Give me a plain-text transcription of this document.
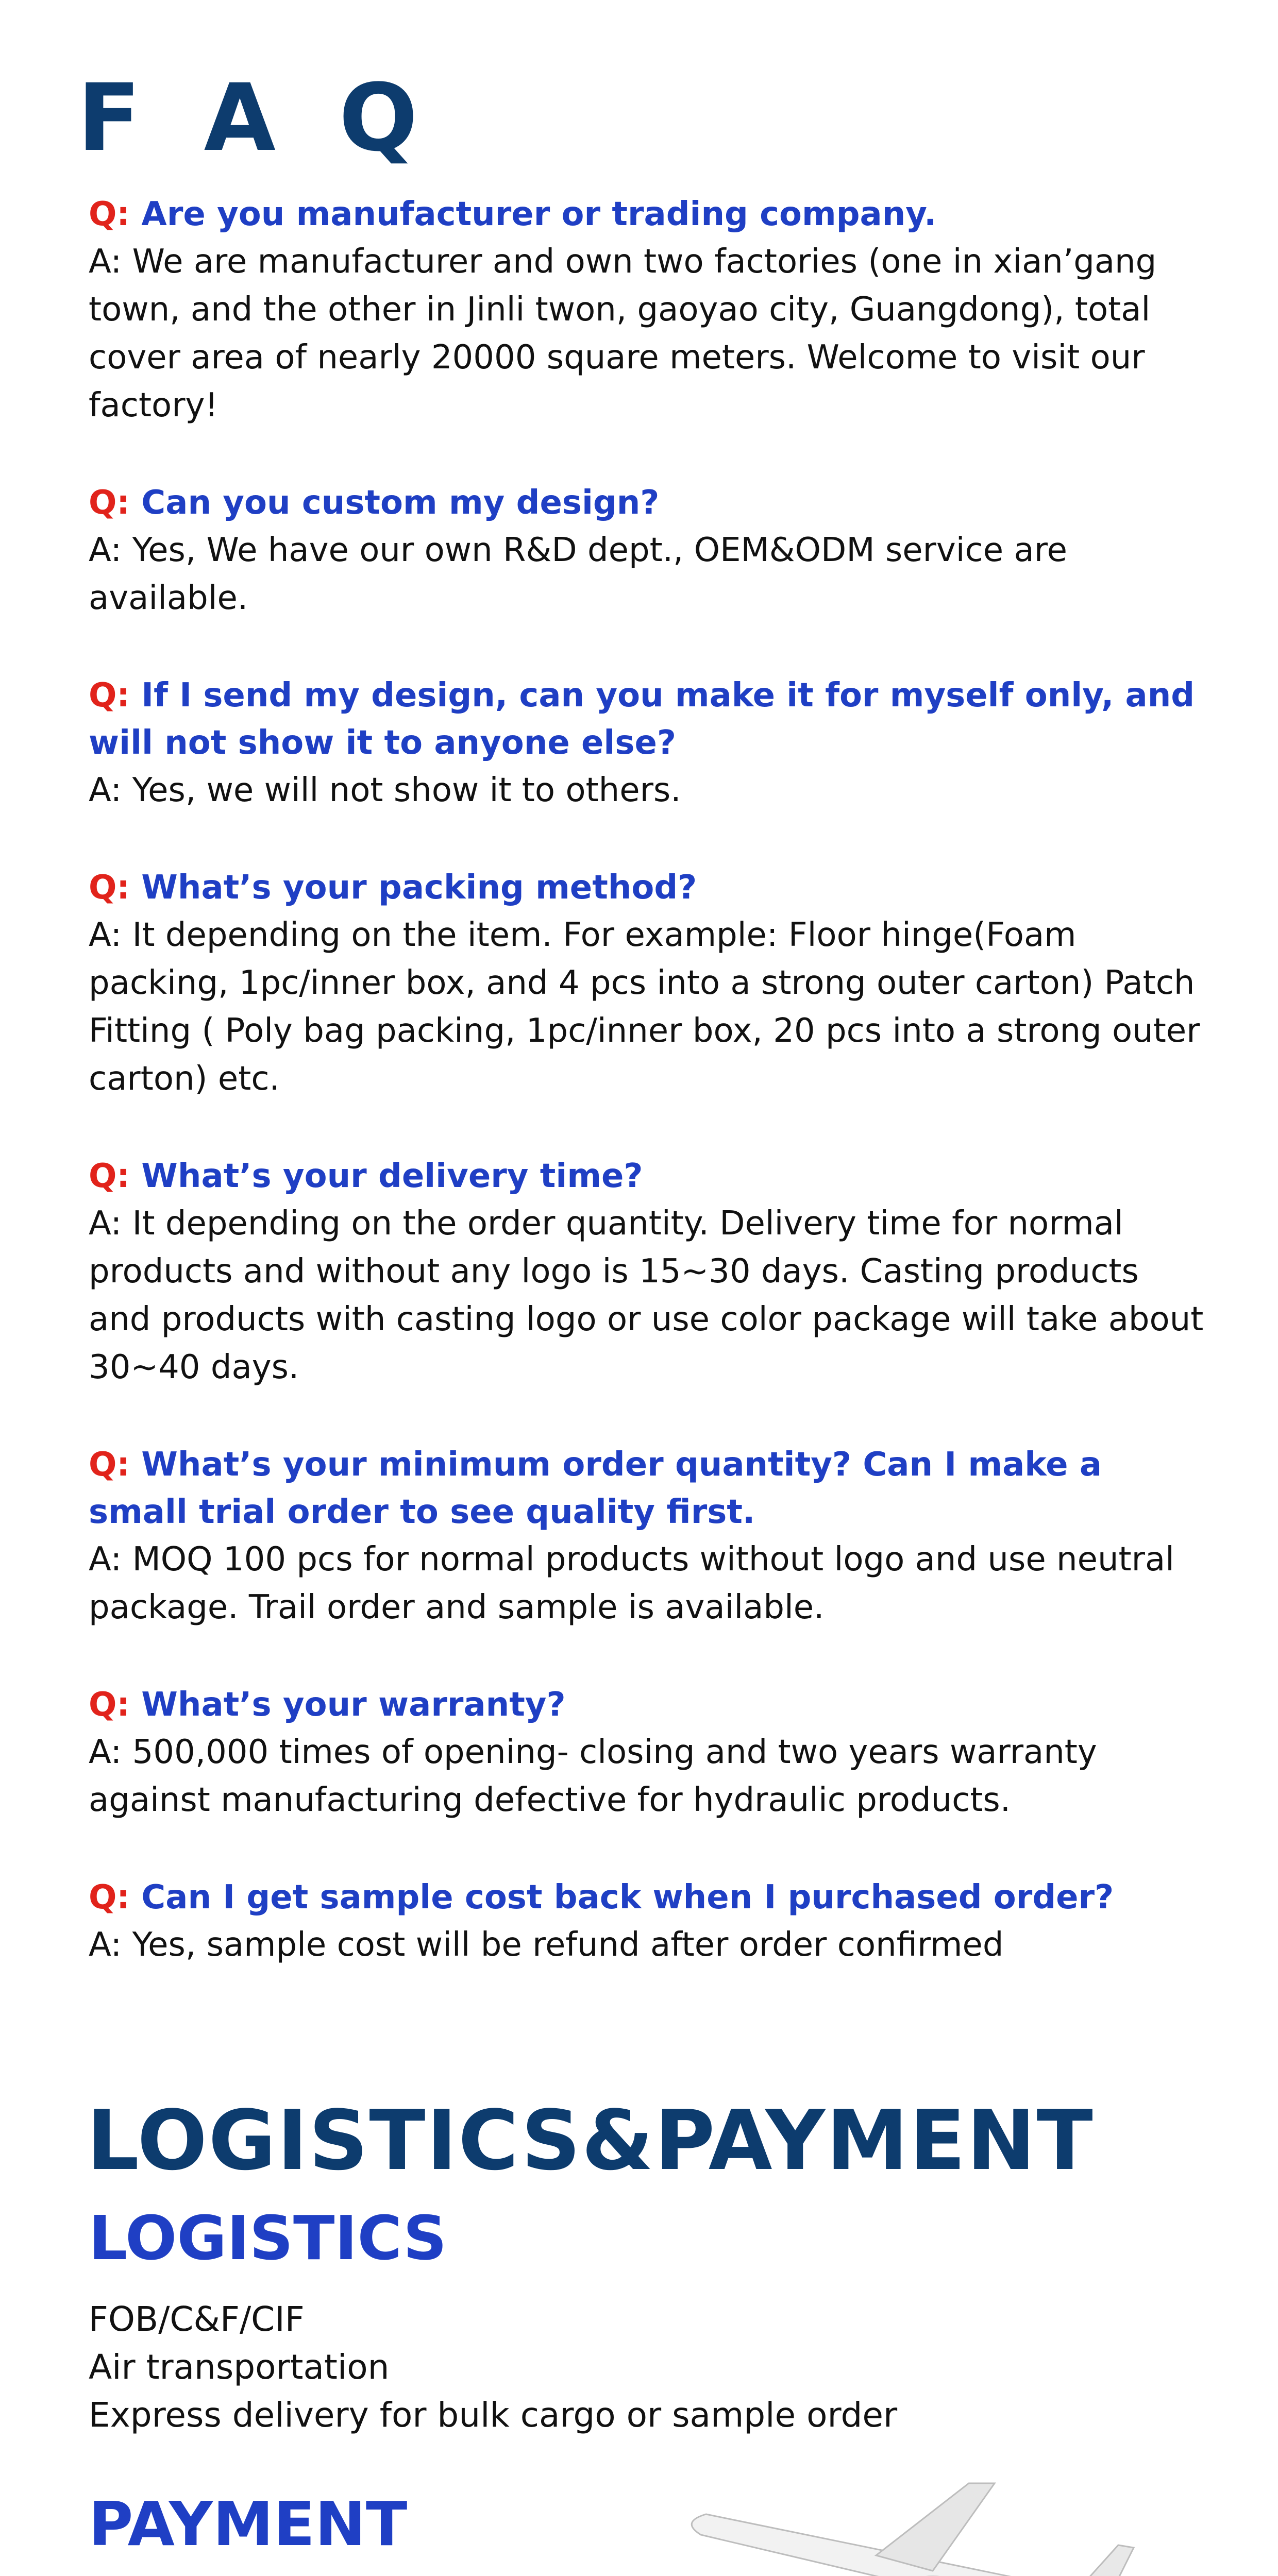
F A Q

Q: Are you manufacturer or trading company.

A: We are manufacturer and own two factories (one in xian’gang town, and the other in Jinli twon, gaoyao city, Guangdong), total cover area of nearly 20000 square meters. Welcome to visit our factory!

Q: Can you custom my design?

A: Yes, We have our own R&D dept., OEM&ODM service are available.

Q: If I send my design, can you make it for myself only, and will not show it to anyone else?

A: Yes, we will not show it to others.

Q: What’s your packing method?

A: It depending on the item. For example: Floor hinge(Foam packing, 1pc/inner box, and 4 pcs into a strong outer carton) Patch Fitting ( Poly bag packing, 1pc/inner box, 20 pcs into a strong outer carton) etc.

Q: What’s your delivery time?

A: It depending on the order quantity. Delivery time for normal products and without any logo is 15~30 days. Casting products and products with casting logo or use color package will take about 30~40 days.

Q: What’s your minimum order quantity? Can I make a small trial order to see quality first.

A: MOQ 100 pcs for normal products without logo and use neutral package. Trail order and sample is available.

Q: What’s your warranty?

A: 500,000 times of opening- closing and two years warranty against manufacturing defective for hydraulic products.

Q: Can I get sample cost back when I purchased order?

A: Yes, sample cost will be refund after order confirmed

LOGISTICS&PAYMENT
LOGISTICS
FOB/C&F/CIF
Air transportation
Express delivery for bulk cargo or sample order
PAYMENT
